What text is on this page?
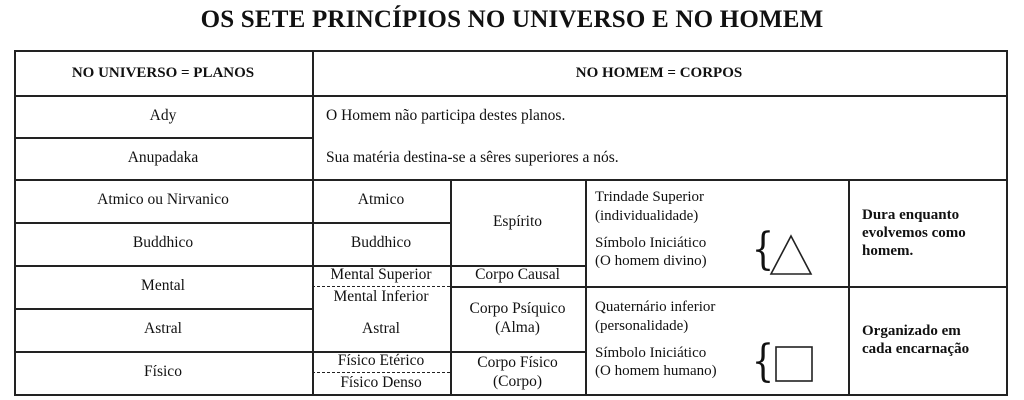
OS SETE PRINCÍPIOS NO UNIVERSO E NO HOMEM
NO UNIVERSO = PLANOS	NO HOMEM = CORPOS
Ady
Anupadaka
Atmico ou Nirvanico
Buddhico
Mental
Astral
Físico
O Homem não participa destes planos.
Sua matéria destina-se a sêres superiores a nós.
Atmico
Buddhico
Mental Superior
Mental Inferior
Astral
Físico Etérico
Físico Denso
Espírito
Corpo Causal
Corpo Psíquico
(Alma)
Corpo Físico
(Corpo)
Trindade Superior
(individualidade)
Símbolo Iniciático
(O homem divino) {
Quaternário inferior
(personalidade)
Símbolo Iniciático
(O homem humano) {
Dura enquanto
evolvemos como
homem.
Organizado em
cada encarnação
